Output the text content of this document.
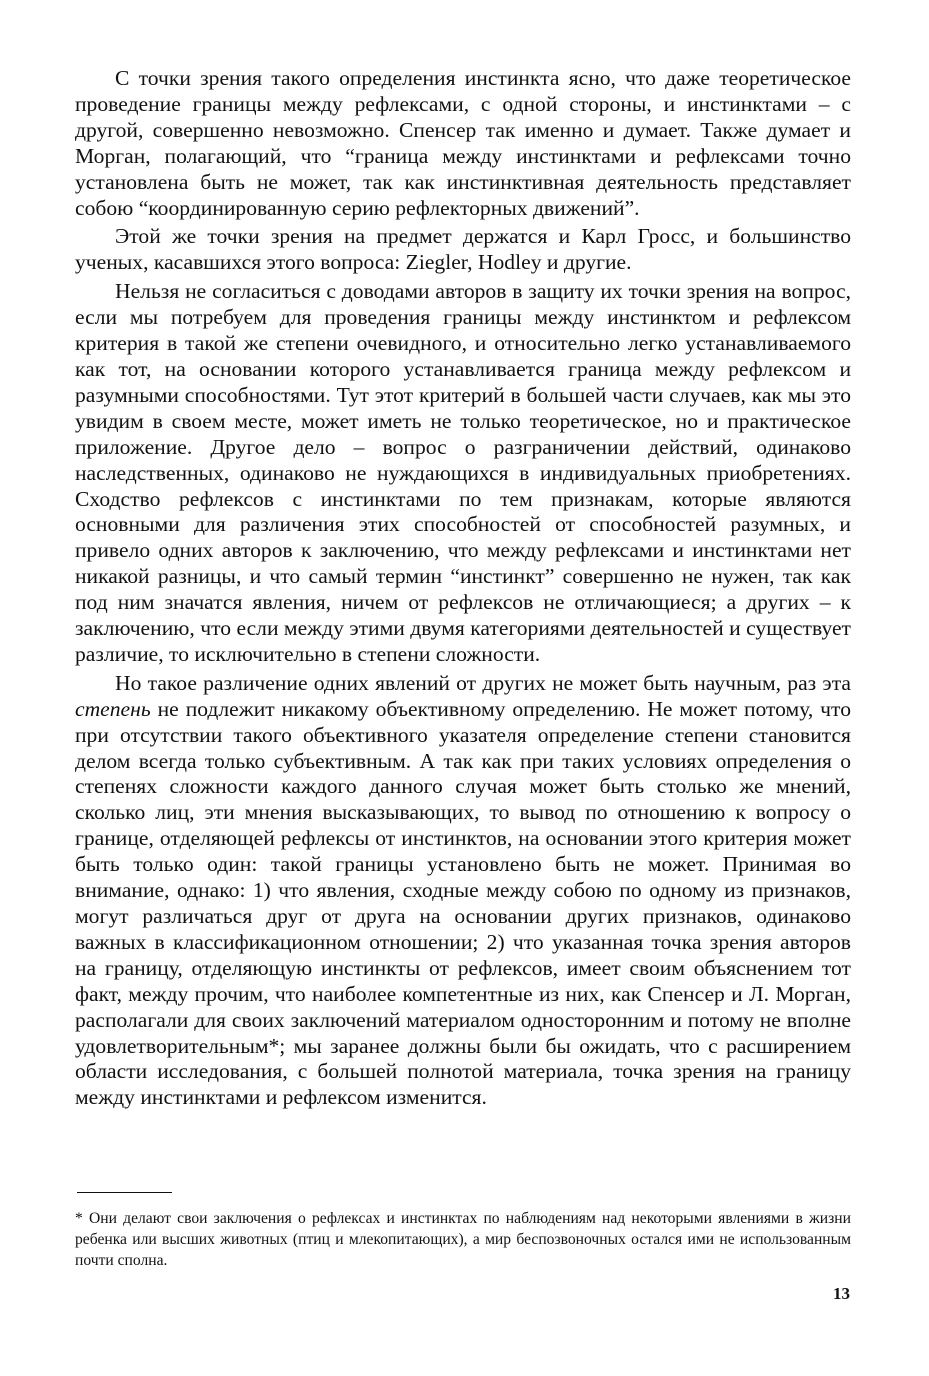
С точки зрения такого определения инстинкта ясно, что даже теоретическое проведение границы между рефлексами, с одной стороны, и инстинктами – с другой, совершенно невозможно. Спенсер так именно и думает. Также думает и Морган, полагающий, что “граница между инстинктами и рефлексами точно установлена быть не может, так как инстинктивная деятельность представляет собою “координированную серию рефлекторных движений”.

Этой же точки зрения на предмет держатся и Карл Гросс, и большинство ученых, касавшихся этого вопроса: Ziegler, Hodley и другие.

Нельзя не согласиться с доводами авторов в защиту их точки зрения на вопрос, если мы потребуем для проведения границы между инстинктом и рефлексом критерия в такой же степени очевидного, и относительно легко устанавливаемого как тот, на основании которого устанавливается граница между рефлексом и разумными способностями. Тут этот критерий в большей части случаев, как мы это увидим в своем месте, может иметь не только теоретическое, но и практическое приложение. Другое дело – вопрос о разграничении действий, одинаково наследственных, одинаково не нуждающихся в индивидуальных приобретениях. Сходство рефлексов с инстинктами по тем признакам, которые являются основными для различения этих способностей от способностей разумных, и привело одних авторов к заключению, что между рефлексами и инстинктами нет никакой разницы, и что самый термин “инстинкт” совершенно не нужен, так как под ним значатся явления, ничем от рефлексов не отличающиеся; а других – к заключению, что если между этими двумя категориями деятельностей и существует различие, то исключительно в степени сложности.

Но такое различение одних явлений от других не может быть научным, раз эта степень не подлежит никакому объективному определению. Не может потому, что при отсутствии такого объективного указателя определение степени становится делом всегда только субъективным. А так как при таких условиях определения о степенях сложности каждого данного случая может быть столько же мнений, сколько лиц, эти мнения высказывающих, то вывод по отношению к вопросу о границе, отделяющей рефлексы от инстинктов, на основании этого критерия может быть только один: такой границы установлено быть не может. Принимая во внимание, однако: 1) что явления, сходные между собою по одному из признаков, могут различаться друг от друга на основании других признаков, одинаково важных в классификационном отношении; 2) что указанная точка зрения авторов на границу, отделяющую инстинкты от рефлексов, имеет своим объяснением тот факт, между прочим, что наиболее компетентные из них, как Спенсер и Л. Морган, располагали для своих заключений материалом односторонним и потому не вполне удовлетворительным*; мы заранее должны были бы ожидать, что с расширением области исследования, с большей полнотой материала, точка зрения на границу между инстинктами и рефлексом изменится.

* Они делают свои заключения о рефлексах и инстинктах по наблюдениям над некоторыми явлениями в жизни ребенка или высших животных (птиц и млекопитающих), а мир беспозвоночных остался ими не использованным почти сполна.

13
